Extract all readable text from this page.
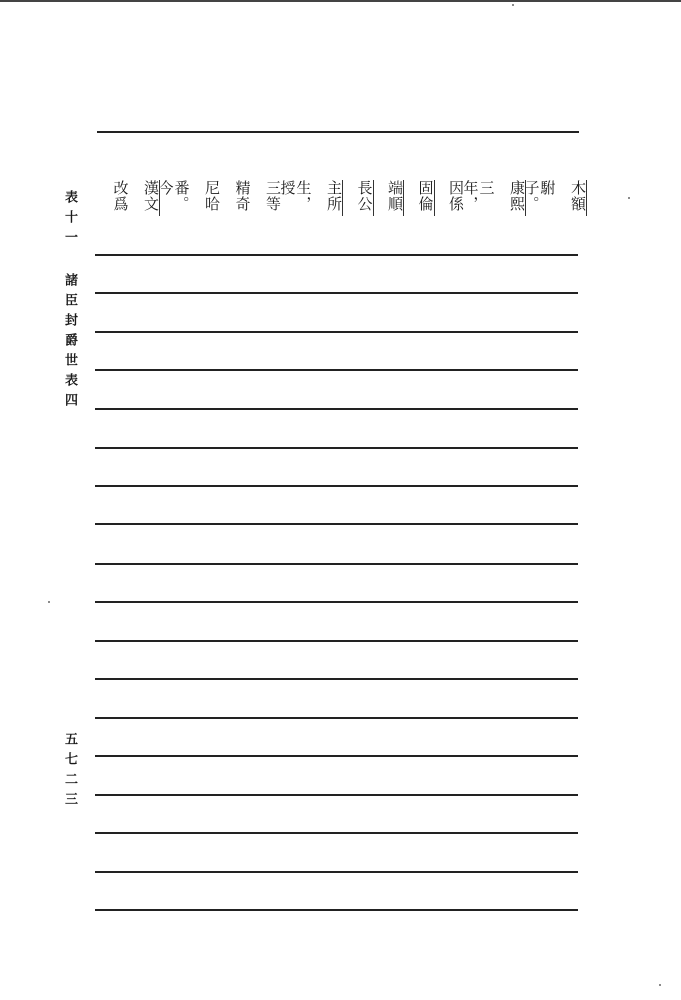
表十一
諸臣封爵世表四
五七二三
木額
駙子。
康熙
三年，
因係
固倫
端順
長公
主所
生，授
三等
精奇
尼哈
番。今
漢文
改爲
